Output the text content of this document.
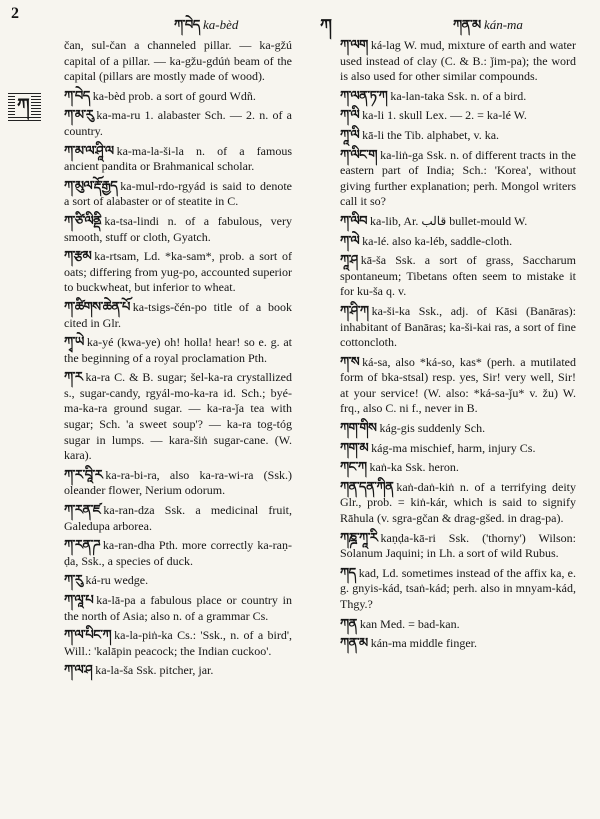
2
ཀ་བེད ka-bèd	ཀ	ཀན་མ kán-ma
ཀ
čan, sul-čan a channeled pillar. — ka-gžú capital of a pillar. — ka-gžu-gdúṅ beam of the capital (pillars are mostly made of wood).
ཀ་བེད ka-bèd prob. a sort of gourd Wdñ.
ཀ་མ་རུ ka-ma-ru 1. alabaster Sch. — 2. n. of a country.
ཀ་མ་ལ་ཤཱི་ལ ka-ma-la-ši-la n. of a famous ancient pandita or Brahmanical scholar.
ཀ་མུལ་རྡོ་རྒྱད ka-mul-rdo-rgyád is said to denote a sort of alabaster or of steatite in C.
ཀ་ཙི་ལིནྡི ka-tsa-lindi n. of a fabulous, very smooth, stuff or cloth, Gyatch.
ཀ་རྩམ ka-rtsam, Ld. *ka-sam*, prob. a sort of oats; differing from yug-po, accounted superior to buckwheat, but inferior to wheat.
ཀ་ཚིགས་ཆེན་པོ ka-tsigs-čén-po title of a book cited in Glr.
ཀྭ་ཡེ ka-yé (kwa-ye) oh! holla! hear! so e. g. at the beginning of a royal proclamation Pth.
ཀ་ར ka-ra C. & B. sugar; šel-ka-ra crystallized s., sugar-candy, rgyál-mo-ka-ra id. Sch.; byé-ma-ka-ra ground sugar. — ka-ra-ǰa tea with sugar; Sch. 'a sweet soup'? — ka-ra tog-tóg sugar in lumps. — kara-šiṅ sugar-cane. (W. kara).
ཀ་ར་བཱི་ར ka-ra-bi-ra, also ka-ra-wi-ra (Ssk.) oleander flower, Nerium odorum.
ཀ་རན་ཛ ka-ran-dza Ssk. a medicinal fruit, Galedupa arborea.
ཀ་རན་ཌ ka-ran-dha Pth. more correctly ka-raṇ-ḍa, Ssk., a species of duck.
ཀ་རུ ká-ru wedge.
ཀ་ལཱ་པ ka-lā-pa a fabulous place or country in the north of Asia; also n. of a grammar Cs.
ཀ་ལ་པིང་ཀ ka-la-piṅ-ka Cs.: 'Ssk., n. of a bird', Will.: 'kalāpin peacock; the Indian cuckoo'.
ཀ་ལ་ཤ ka-la-ša Ssk. pitcher, jar.
ཀ་ལག ká-lag W. mud, mixture of earth and water used instead of clay (C. & B.: ǰim-pa); the word is also used for other similar compounds.
ཀ་ལན་ཏ་ཀ ka-lan-taka Ssk. n. of a bird.
ཀ་ལི ka-li 1. skull Lex. — 2. = ka-lé W.
ཀཱ་ལི kā-li the Tib. alphabet, v. ka.
ཀ་ལིང་ག ka-liṅ-ga Ssk. n. of different tracts in the eastern part of India; Sch.: 'Korea', without giving further explanation; perh. Mongol writers call it so?
ཀ་ལིབ ka-lib, Ar. قالب bullet-mould W.
ཀ་ལེ ka-lé. also ka-léb, saddle-cloth.
ཀཱ་ཤ kā-ša Ssk. a sort of grass, Saccharum spontaneum; Tibetans often seem to mistake it for ku-ša q. v.
ཀ་ཤི་ཀ ka-ši-ka Ssk., adj. of Kāsi (Banāras): inhabitant of Banāras; ka-ši-kai ras, a sort of fine cottoncloth.
ཀ་ས ká-sa, also *ká-so, kas* (perh. a mutilated form of bka-stsal) resp. yes, Sir! very well, Sir! at your service! (W. also: *ká-sa-ǰu* v. žu) W. frq., also C. ni f., never in B.
ཀག་གིས kág-gis suddenly Sch.
ཀག་མ kág-ma mischief, harm, injury Cs.
ཀང་ཀ kaṅ-ka Ssk. heron.
ཀན་དན་ཀིན kaṅ-daṅ-kiṅ n. of a terrifying deity Glr., prob. = kiṅ-kár, which is said to signify Rāhula (v. sgra-gčan & drag-gšed. in drag-pa).
ཀཎྜ་ཀཱ་རི kaṇḍa-kā-ri Ssk. ('thorny') Wilson: Solanum Jaquini; in Lh. a sort of wild Rubus.
ཀད kad, Ld. sometimes instead of the affix ka, e. g. gnyis-kád, tsaṅ-kád; perh. also in mnyam-kád, Thgy.?
ཀན kan Med. = bad-kan.
ཀན་མ kán-ma middle finger.
